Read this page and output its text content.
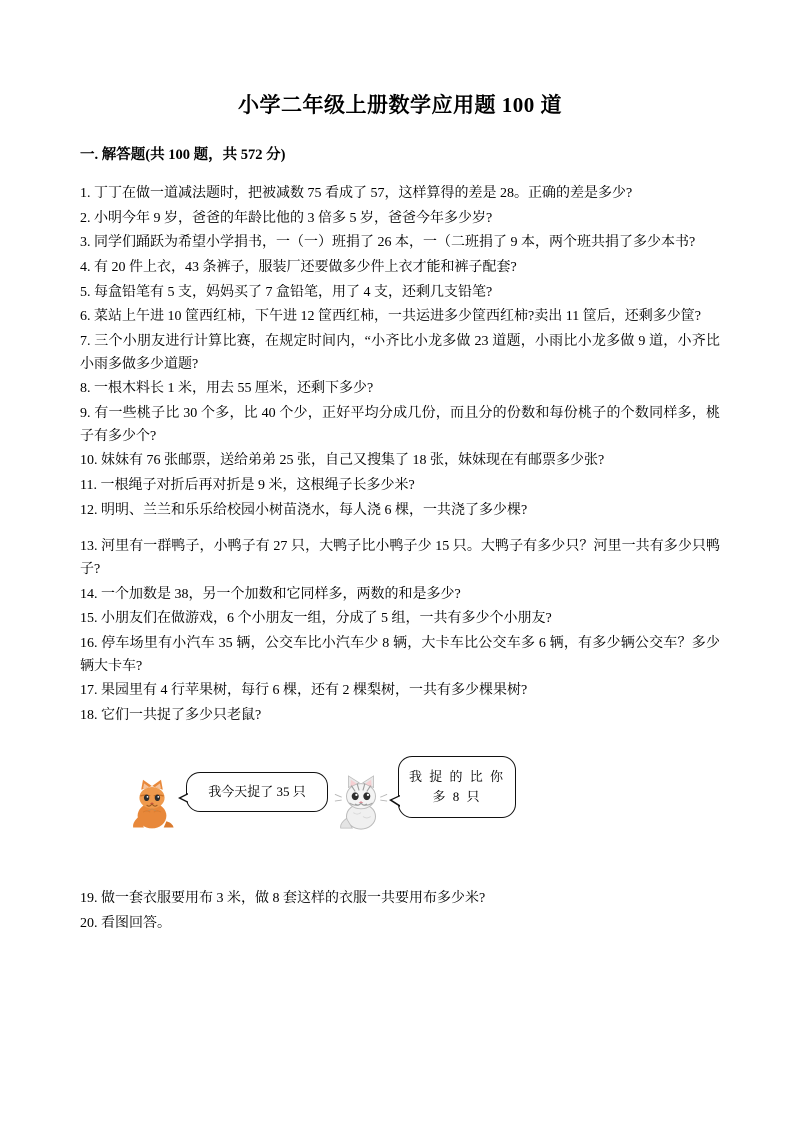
小学二年级上册数学应用题 100 道
一. 解答题(共 100 题，共 572 分)
1. 丁丁在做一道减法题时，把被减数 75 看成了 57，这样算得的差是 28。正确的差是多少?
2. 小明今年 9 岁，爸爸的年龄比他的 3 倍多 5 岁，爸爸今年多少岁?
3. 同学们踊跃为希望小学捐书，一（一）班捐了 26 本，一（二班捐了 9 本，两个班共捐了多少本书?
4. 有 20 件上衣，43 条裤子，服装厂还要做多少件上衣才能和裤子配套?
5. 每盒铅笔有 5 支，妈妈买了 7 盒铅笔，用了 4 支，还剩几支铅笔?
6. 菜站上午进 10 筐西红柿，下午进 12 筐西红柿，一共运进多少筐西红柿?卖出 11 筐后，还剩多少筐?
7. 三个小朋友进行计算比赛，在规定时间内，“小齐比小龙多做 23 道题，小雨比小龙多做 9 道，小齐比小雨多做多少道题?
8. 一根木料长 1 米，用去 55 厘米，还剩下多少?
9. 有一些桃子比 30 个多，比 40 个少，正好平均分成几份，而且分的份数和每份桃子的个数同样多，桃子有多少个?
10. 妹妹有 76 张邮票，送给弟弟 25 张，自己又搜集了 18 张，妹妹现在有邮票多少张?
11. 一根绳子对折后再对折是 9 米，这根绳子长多少米?
12. 明明、兰兰和乐乐给校园小树苗浇水，每人浇 6 棵，一共浇了多少棵?
13. 河里有一群鸭子，小鸭子有 27 只，大鸭子比小鸭子少 15 只。大鸭子有多少只？河里一共有多少只鸭子?
14. 一个加数是 38，另一个加数和它同样多，两数的和是多少?
15. 小朋友们在做游戏，6 个小朋友一组，分成了 5 组，一共有多少个小朋友?
16. 停车场里有小汽车 35 辆，公交车比小汽车少 8 辆，大卡车比公交车多 6 辆，有多少辆公交车？多少辆大卡车?
17. 果园里有 4 行苹果树，每行 6 棵，还有 2 棵梨树，一共有多少棵果树?
18. 它们一共捉了多少只老鼠?
我今天捉了 35 只
我 捉 的 比 你多 8 只
19. 做一套衣服要用布 3 米，做 8 套这样的衣服一共要用布多少米?
20. 看图回答。
